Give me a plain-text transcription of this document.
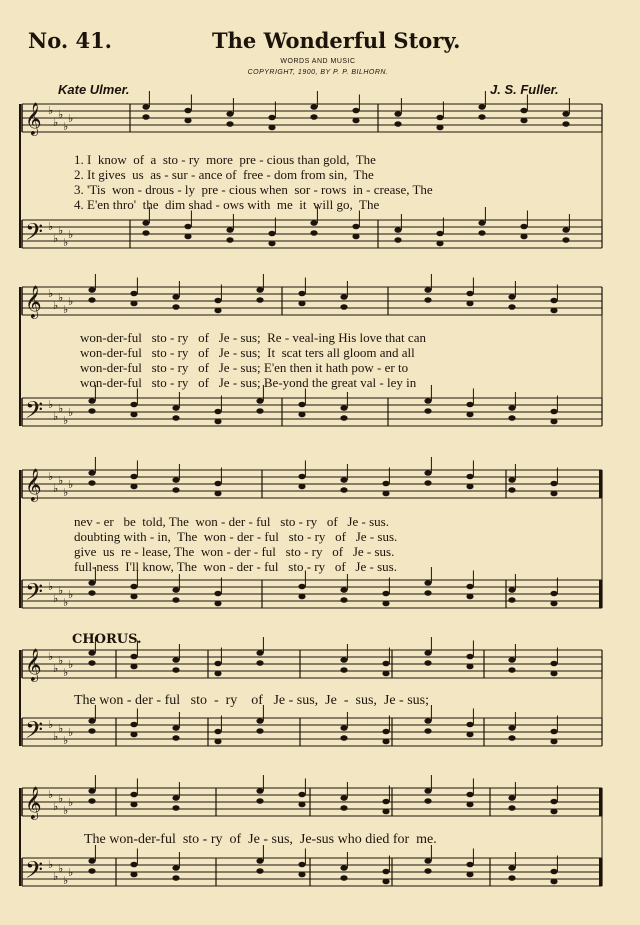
𝄞 ♭
♭
♭
♭
♭
𝄢 ♭
♭
♭
♭
♭
𝄞 ♭
♭
♭
♭
♭
𝄢 ♭
♭
♭
♭
♭
𝄞 ♭
♭
♭
♭
♭
𝄢 ♭
♭
♭
♭
♭
𝄞 ♭
♭
♭
♭
♭
𝄢 ♭
♭
♭
♭
♭
𝄞 ♭
♭
♭
♭
♭
𝄢 ♭
♭
♭
♭
♭
No. 41.	The Wonderful Story.
WORDS AND MUSIC
COPYRIGHT, 1900, BY P. P. BILHORN.
Kate Ulmer.	J. S. Fuller.
1. I  know  of  a  sto - ry  more  pre - cious than gold,  The
2. It gives  us  as - sur - ance of  free - dom from sin,  The
3. 'Tis  won - drous - ly  pre - cious when  sor - rows  in - crease, The
4. E'en thro'  the  dim shad - ows with  me  it  will go,  The
won-der-ful   sto - ry   of   Je - sus;  Re - veal-ing His love that can
won-der-ful   sto - ry   of   Je - sus;  It  scat ters all gloom and all
won-der-ful   sto - ry   of   Je - sus; E'en then it hath pow - er to
won-der-ful   sto - ry   of   Je - sus; Be-yond the great val - ley in
nev - er   be  told, The  won - der - ful   sto - ry   of   Je - sus.
doubting with - in,  The  won - der - ful   sto - ry   of   Je - sus.
give  us  re - lease, The  won - der - ful   sto - ry   of   Je - sus.
full-ness  I'll know, The  won - der - ful   sto - ry   of   Je - sus.
CHORUS.
The won - der - ful   sto  -  ry    of   Je - sus,  Je  -  sus,  Je - sus;
The won-der-ful  sto - ry  of  Je - sus,  Je-sus who died for  me.
